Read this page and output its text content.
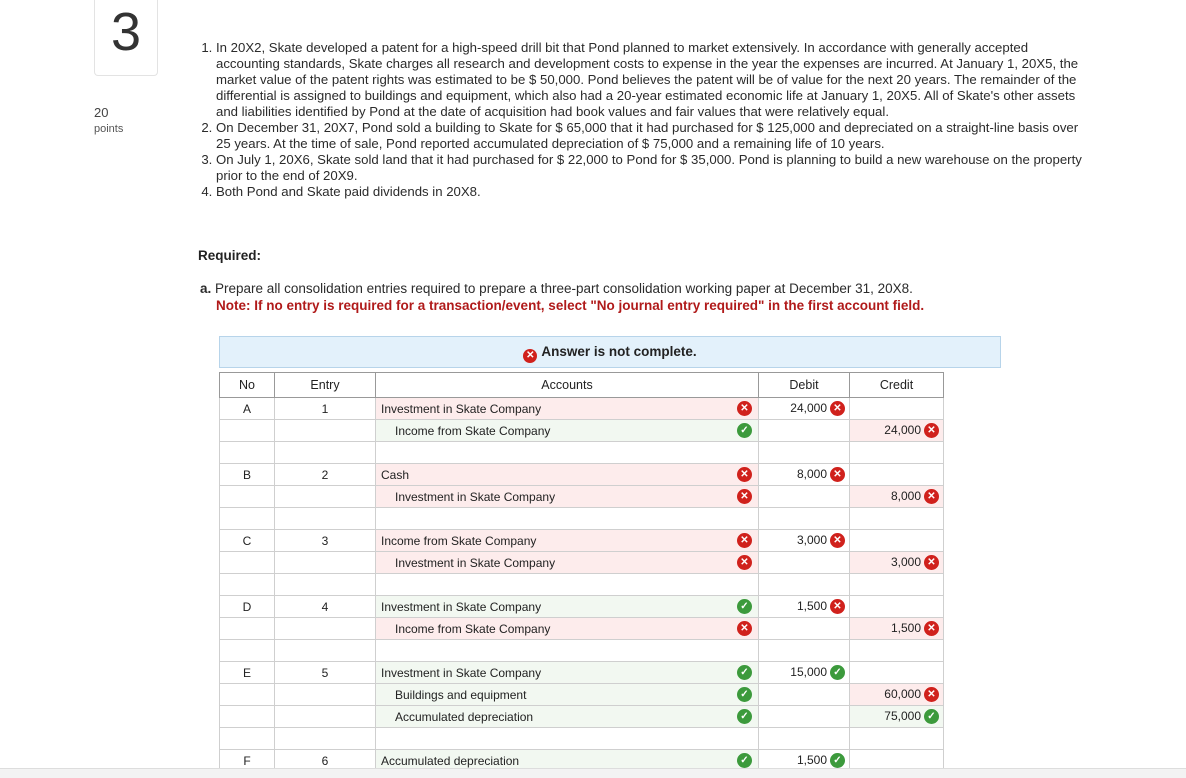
3
20
points
1. In 20X2, Skate developed a patent for a high-speed drill bit that Pond planned to market extensively. In accordance with generally accepted accounting standards, Skate charges all research and development costs to expense in the year the expenses are incurred. At January 1, 20X5, the market value of the patent rights was estimated to be $ 50,000. Pond believes the patent will be of value for the next 20 years. The remainder of the differential is assigned to buildings and equipment, which also had a 20-year estimated economic life at January 1, 20X5. All of Skate's other assets and liabilities identified by Pond at the date of acquisition had book values and fair values that were relatively equal.
2. On December 31, 20X7, Pond sold a building to Skate for $ 65,000 that it had purchased for $ 125,000 and depreciated on a straight-line basis over 25 years. At the time of sale, Pond reported accumulated depreciation of $ 75,000 and a remaining life of 10 years.
3. On July 1, 20X6, Skate sold land that it had purchased for $ 22,000 to Pond for $ 35,000. Pond is planning to build a new warehouse on the property prior to the end of 20X9.
4. Both Pond and Skate paid dividends in 20X8.
Required:
a. Prepare all consolidation entries required to prepare a three-part consolidation working paper at December 31, 20X8.
Note: If no entry is required for a transaction/event, select "No journal entry required" in the first account field.
✕ Answer is not complete.
No	Entry	Accounts	Debit	Credit
A	1	Investment in Skate Company ✕	24,000 ✕	
		Income from Skate Company ✓		24,000 ✕

B	2	Cash ✕	8,000 ✕	
		Investment in Skate Company ✕		8,000 ✕

C	3	Income from Skate Company ✕	3,000 ✕	
		Investment in Skate Company ✕		3,000 ✕

D	4	Investment in Skate Company ✓	1,500 ✕	
		Income from Skate Company ✕		1,500 ✕

E	5	Investment in Skate Company ✓	15,000 ✓	
		Buildings and equipment ✓		60,000 ✕
		Accumulated depreciation ✓		75,000 ✓

F	6	Accumulated depreciation ✓	1,500 ✓	
